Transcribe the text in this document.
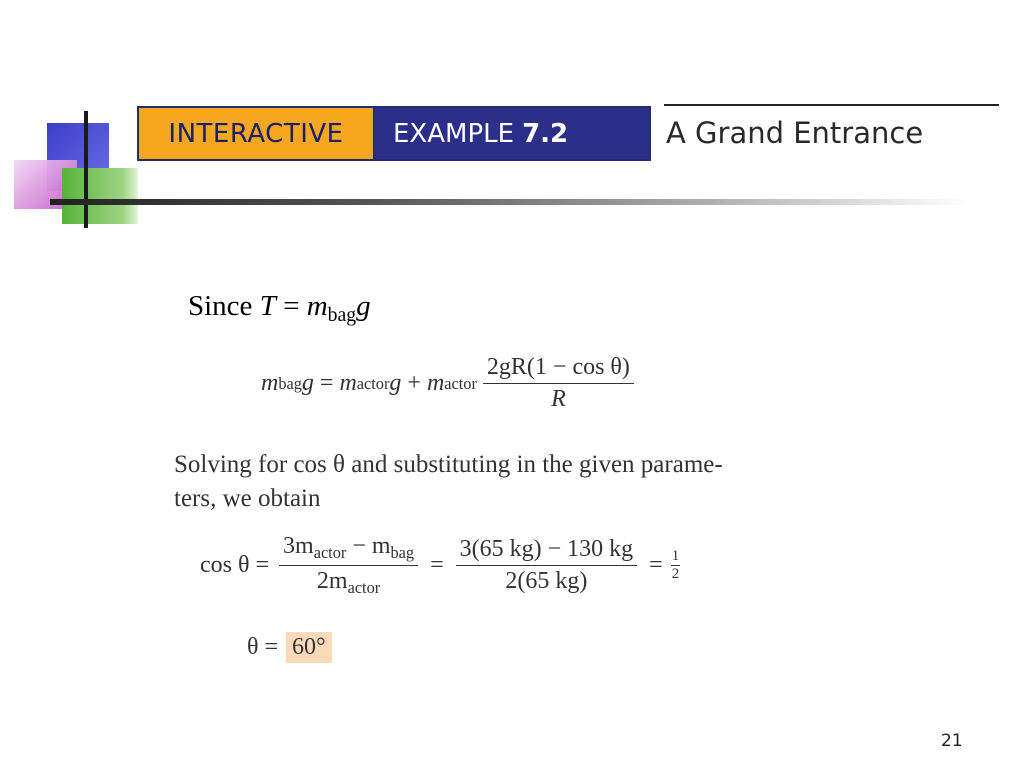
INTERACTIVE	EXAMPLE 7.2	A Grand Entrance
Since $T = m_{bag}g$
m bag g = m actor g + m actor $\frac{\text{2gR(1 − cos θ)}}{R}$
Solving for cos θ and substituting in the given parame-
ters, we obtain
$\cos \theta = \frac{3m_{actor} - m_{bag}}{2m_{actor}} = \frac{3(65 kg) - 130 kg}{2(65 kg)} = \frac{1}{2}$
θ = 60°
21
